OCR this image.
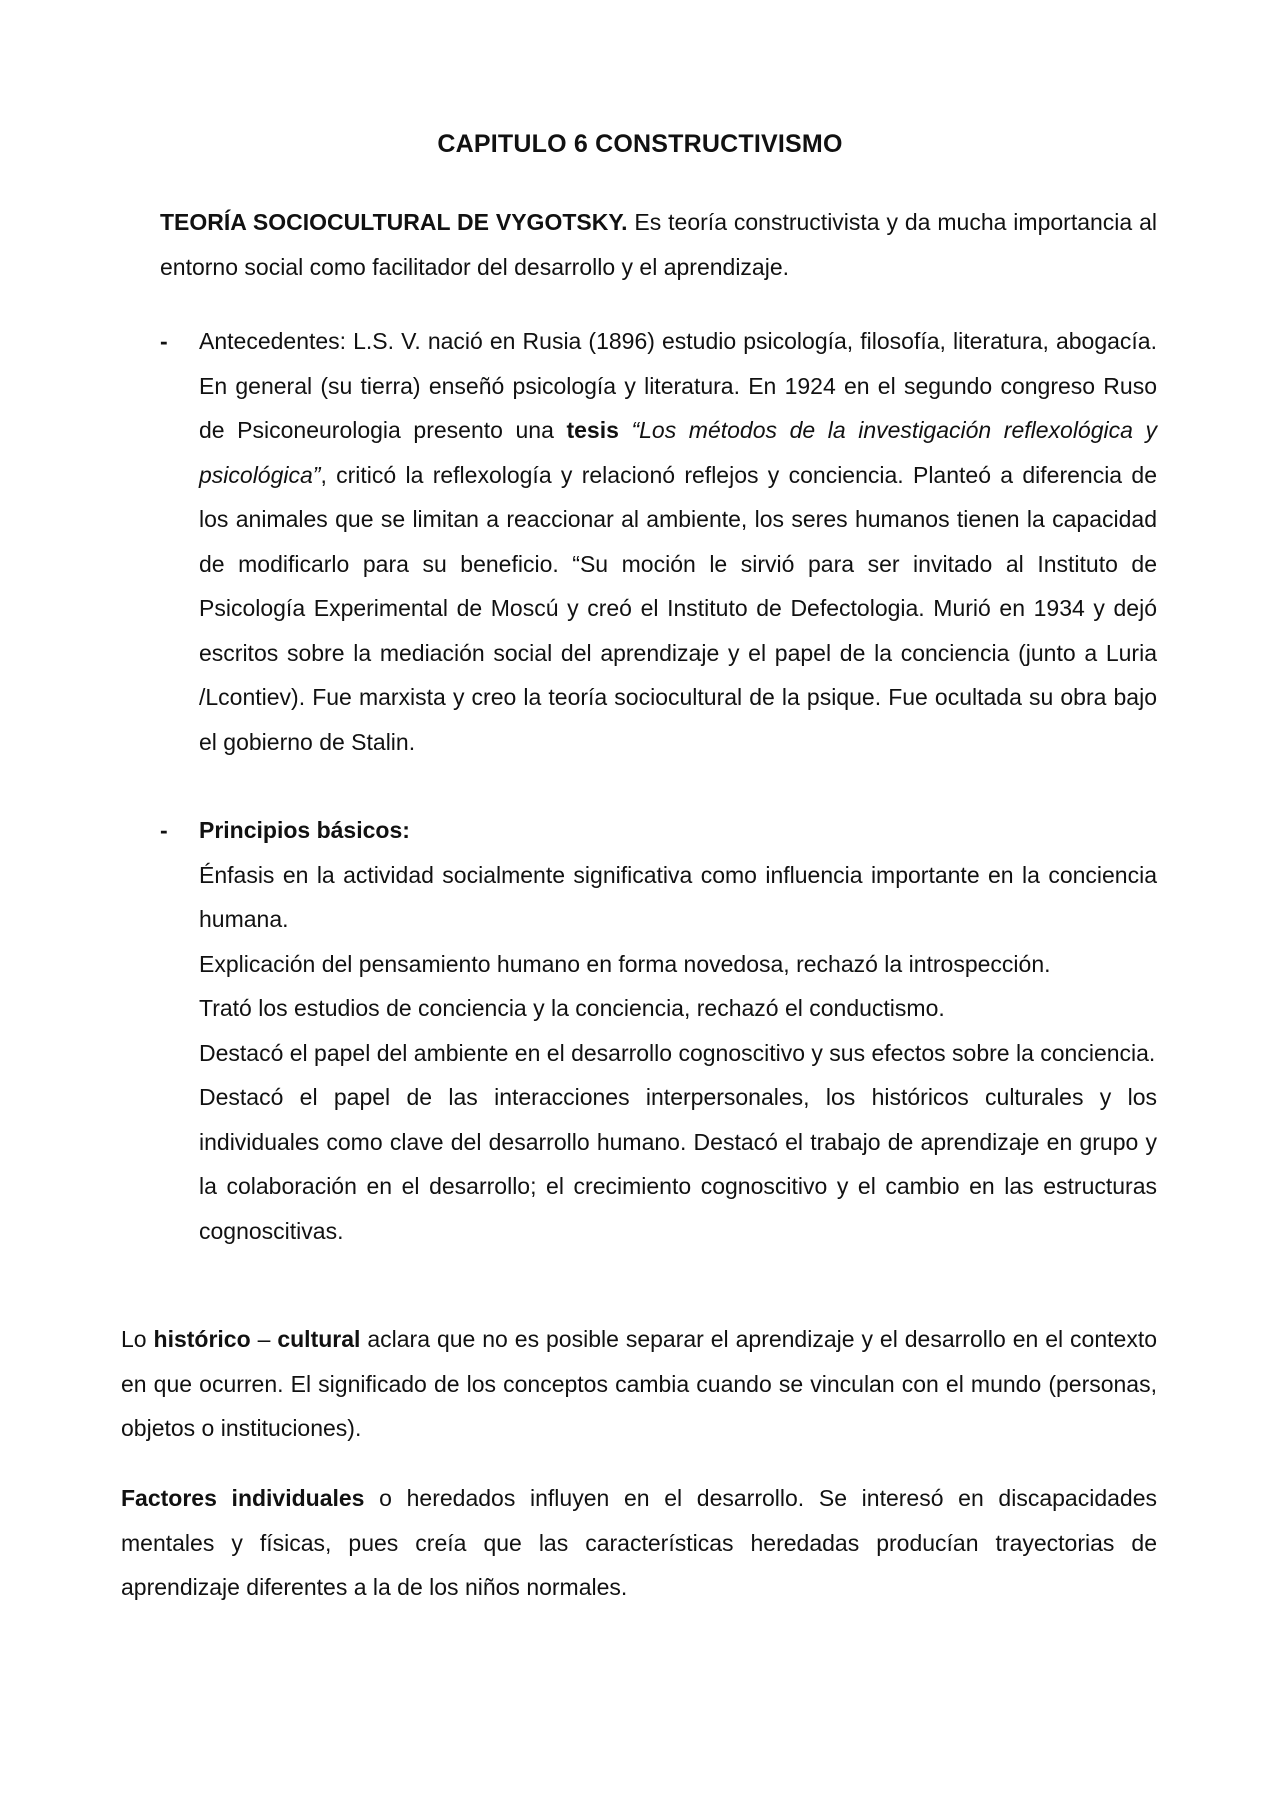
CAPITULO 6 CONSTRUCTIVISMO
TEORÍA SOCIOCULTURAL DE VYGOTSKY. Es teoría constructivista y da mucha importancia al entorno social como facilitador del desarrollo y el aprendizaje.
- Antecedentes: L.S. V. nació en Rusia (1896) estudio psicología, filosofía, literatura, abogacía. En general (su tierra) enseñó psicología y literatura. En 1924 en el segundo congreso Ruso de Psiconeurologia presento una tesis “Los métodos de la investigación reflexológica y psicológica”, criticó la reflexología y relacionó reflejos y conciencia. Planteó a diferencia de los animales que se limitan a reaccionar al ambiente, los seres humanos tienen la capacidad de modificarlo para su beneficio. “Su moción le sirvió para ser invitado al Instituto de Psicología Experimental de Moscú y creó el Instituto de Defectologia. Murió en 1934 y dejó escritos sobre la mediación social del aprendizaje y el papel de la conciencia (junto a Luria /Lcontiev). Fue marxista y creo la teoría sociocultural de la psique. Fue ocultada su obra bajo el gobierno de Stalin.
- Principios básicos:
Énfasis en la actividad socialmente significativa como influencia importante en la conciencia humana.
Explicación del pensamiento humano en forma novedosa, rechazó la introspección.
Trató los estudios de conciencia y la conciencia, rechazó el conductismo.
Destacó el papel del ambiente en el desarrollo cognoscitivo y sus efectos sobre la conciencia.
Destacó el papel de las interacciones interpersonales, los históricos culturales y los individuales como clave del desarrollo humano. Destacó el trabajo de aprendizaje en grupo y la colaboración en el desarrollo; el crecimiento cognoscitivo y el cambio en las estructuras cognoscitivas.
Lo histórico – cultural aclara que no es posible separar el aprendizaje y el desarrollo en el contexto en que ocurren. El significado de los conceptos cambia cuando se vinculan con el mundo (personas, objetos o instituciones).
Factores individuales o heredados influyen en el desarrollo. Se interesó en discapacidades mentales y físicas, pues creía que las características heredadas producían trayectorias de aprendizaje diferentes a la de los niños normales.
